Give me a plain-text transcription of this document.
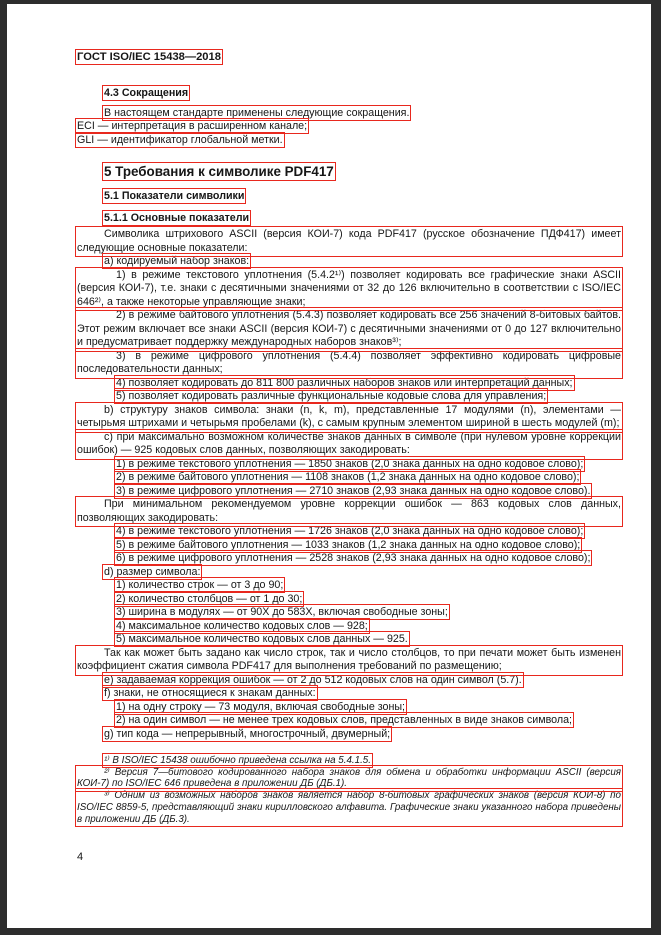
ГОСТ ISO/IEC 15438—2018

4.3 Сокращения

В настоящем стандарте применены следующие сокращения.

ECI — интерпретация в расширенном канале;

GLI — идентификатор глобальной метки.

5 Требования к символике PDF417

5.1 Показатели символики

5.1.1 Основные показатели

Символика штрихового ASCII (версия КОИ-7) кода PDF417 (русское обозначение ПДФ417) имеет следующие основные показатели:

a) кодируемый набор знаков:

1) в режиме текстового уплотнения (5.4.2¹⁾) позволяет кодировать все графические знаки ASCII (версия КОИ-7), т.е. знаки с десятичными значениями от 32 до 126 включительно в соответствии с ISO/IEC 646²⁾, а также некоторые управляющие знаки;

2) в режиме байтового уплотнения (5.4.3) позволяет кодировать все 256 значений 8-битовых байтов. Этот режим включает все знаки ASCII (версия КОИ-7) с десятичными значениями от 0 до 127 включительно и предусматривает поддержку международных наборов знаков³⁾;

3) в режиме цифрового уплотнения (5.4.4) позволяет эффективно кодировать цифровые последовательности данных;

4) позволяет кодировать до 811 800 различных наборов знаков или интерпретаций данных;

5) позволяет кодировать различные функциональные кодовые слова для управления;

b) структуру знаков символа: знаки (n, k, m), представленные 17 модулями (n), элементами — четырьмя штрихами и четырьмя пробелами (k), с самым крупным элементом шириной в шесть модулей (m);

c) при максимально возможном количестве знаков данных в символе (при нулевом уровне коррекции ошибок) — 925 кодовых слов данных, позволяющих закодировать:

1) в режиме текстового уплотнения — 1850 знаков (2,0 знака данных на одно кодовое слово);

2) в режиме байтового уплотнения — 1108 знаков (1,2 знака данных на одно кодовое слово);

3) в режиме цифрового уплотнения — 2710 знаков (2,93 знака данных на одно кодовое слово).

При минимальном рекомендуемом уровне коррекции ошибок — 863 кодовых слов данных, позволяющих закодировать:

4) в режиме текстового уплотнения — 1726 знаков (2,0 знака данных на одно кодовое слово);

5) в режиме байтового уплотнения — 1033 знаков (1,2 знака данных на одно кодовое слово);

6) в режиме цифрового уплотнения — 2528 знаков (2,93 знака данных на одно кодовое слово);

d) размер символа:

1) количество строк — от 3 до 90;

2) количество столбцов — от 1 до 30;

3) ширина в модулях — от 90X до 583X, включая свободные зоны;

4) максимальное количество кодовых слов — 928;

5) максимальное количество кодовых слов данных — 925.

Так как может быть задано как число строк, так и число столбцов, то при печати может быть изменен коэффициент сжатия символа PDF417 для выполнения требований по размещению;

e) задаваемая коррекция ошибок — от 2 до 512 кодовых слов на один символ (5.7).

f) знаки, не относящиеся к знакам данных:

1) на одну строку — 73 модуля, включая свободные зоны;

2) на один символ — не менее трех кодовых слов, представленных в виде знаков символа;

g) тип кода — непрерывный, многострочный, двумерный;

¹⁾ В ISO/IEC 15438 ошибочно приведена ссылка на 5.4.1.5.

²⁾ Версия 7—битового кодированного набора знаков для обмена и обработки информации ASCII (версия КОИ-7) по ISO/IEC 646 приведена в приложении ДБ (ДБ.1).

³⁾ Одним из возможных наборов знаков является набор 8-битовых графических знаков (версия КОИ-8) по ISO/IEC 8859-5, представляющий знаки кирилловского алфавита. Графические знаки указанного набора приведены в приложении ДБ (ДБ.3).

4
